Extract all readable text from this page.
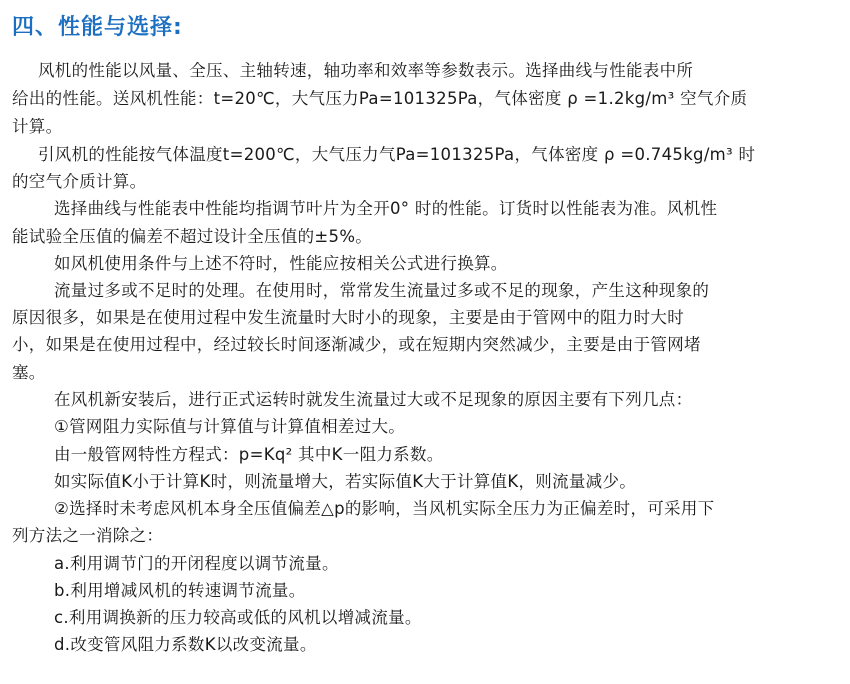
四、性能与选择:
风机的性能以风量、全压、主轴转速，轴功率和效率等参数表示。选择曲线与性能表中所
给出的性能。送风机性能：t=20℃，大气压力Pa=101325Pa，气体密度 ρ =1.2kg/m³ 空气介质
计算。
引风机的性能按气体温度t=200℃，大气压力气Pa=101325Pa，气体密度 ρ =0.745kg/m³ 时
的空气介质计算。
选择曲线与性能表中性能均指调节叶片为全开0° 时的性能。订货时以性能表为准。风机性
能试验全压值的偏差不超过设计全压值的±5%。
如风机使用条件与上述不符时，性能应按相关公式进行换算。
流量过多或不足时的处理。在使用时，常常发生流量过多或不足的现象，产生这种现象的
原因很多，如果是在使用过程中发生流量时大时小的现象，主要是由于管网中的阻力时大时
小，如果是在使用过程中，经过较长时间逐渐减少，或在短期内突然减少，主要是由于管网堵
塞。
在风机新安装后，进行正式运转时就发生流量过大或不足现象的原因主要有下列几点：
①管网阻力实际值与计算值与计算值相差过大。
由一般管网特性方程式：p=Kq² 其中K一阻力系数。
如实际值K小于计算K时，则流量增大，若实际值K大于计算值K，则流量减少。
②选择时未考虑风机本身全压值偏差△p的影响，当风机实际全压力为正偏差时，可采用下
列方法之一消除之：
a.利用调节门的开闭程度以调节流量。
b.利用增减风机的转速调节流量。
c.利用调换新的压力较高或低的风机以增减流量。
d.改变管风阻力系数K以改变流量。
